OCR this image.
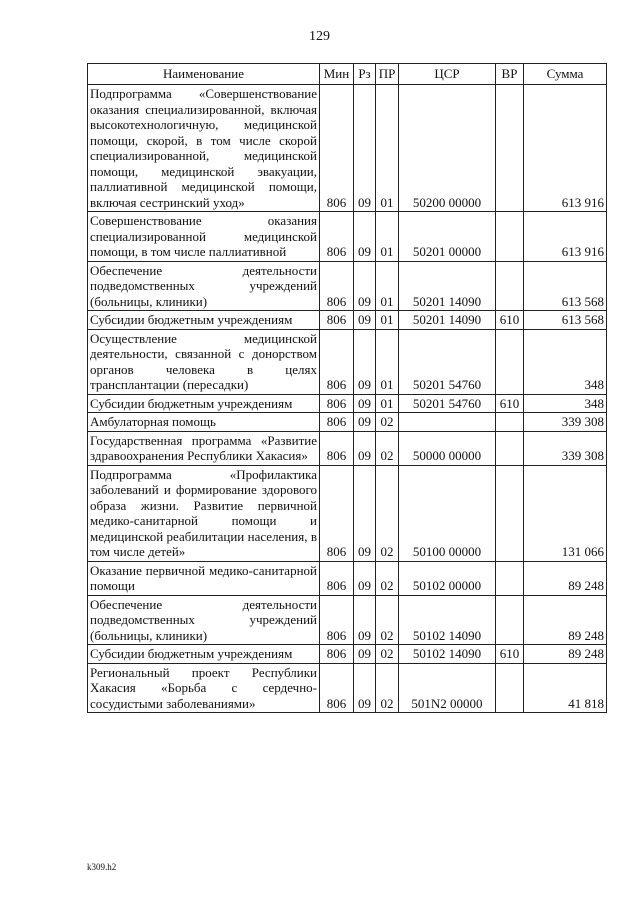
129
Наименование	Мин	Рз	ПР	ЦСР	ВР	Сумма
Подпрограмма «Совершенствование оказания специализированной, включая высокотехнологичную, медицинской помощи, скорой, в том числе скорой специализированной, медицинской помощи, медицинской эвакуации, паллиативной медицинской помощи, включая сестринский уход»	806	09	01	50200 00000		613 916
Совершенствование оказания специализированной медицинской помощи, в том числе паллиативной	806	09	01	50201 00000		613 916
Обеспечение деятельности подведомственных учреждений (больницы, клиники)	806	09	01	50201 14090		613 568
Субсидии бюджетным учреждениям	806	09	01	50201 14090	610	613 568
Осуществление медицинской деятельности, связанной с донорством органов человека в целях трансплантации (пересадки)	806	09	01	50201 54760		348
Субсидии бюджетным учреждениям	806	09	01	50201 54760	610	348
Амбулаторная помощь	806	09	02			339 308
Государственная программа «Развитие здравоохранения Республики Хакасия»	806	09	02	50000 00000		339 308
Подпрограмма «Профилактика заболеваний и формирование здорового образа жизни. Развитие первичной медико-санитарной помощи и медицинской реабилитации населения, в том числе детей»	806	09	02	50100 00000		131 066
Оказание первичной медико-санитарной помощи	806	09	02	50102 00000		89 248
Обеспечение деятельности подведомственных учреждений (больницы, клиники)	806	09	02	50102 14090		89 248
Субсидии бюджетным учреждениям	806	09	02	50102 14090	610	89 248
Региональный проект Республики Хакасия «Борьба с сердечно-сосудистыми заболеваниями»	806	09	02	501N2 00000		41 818
k309.h2
